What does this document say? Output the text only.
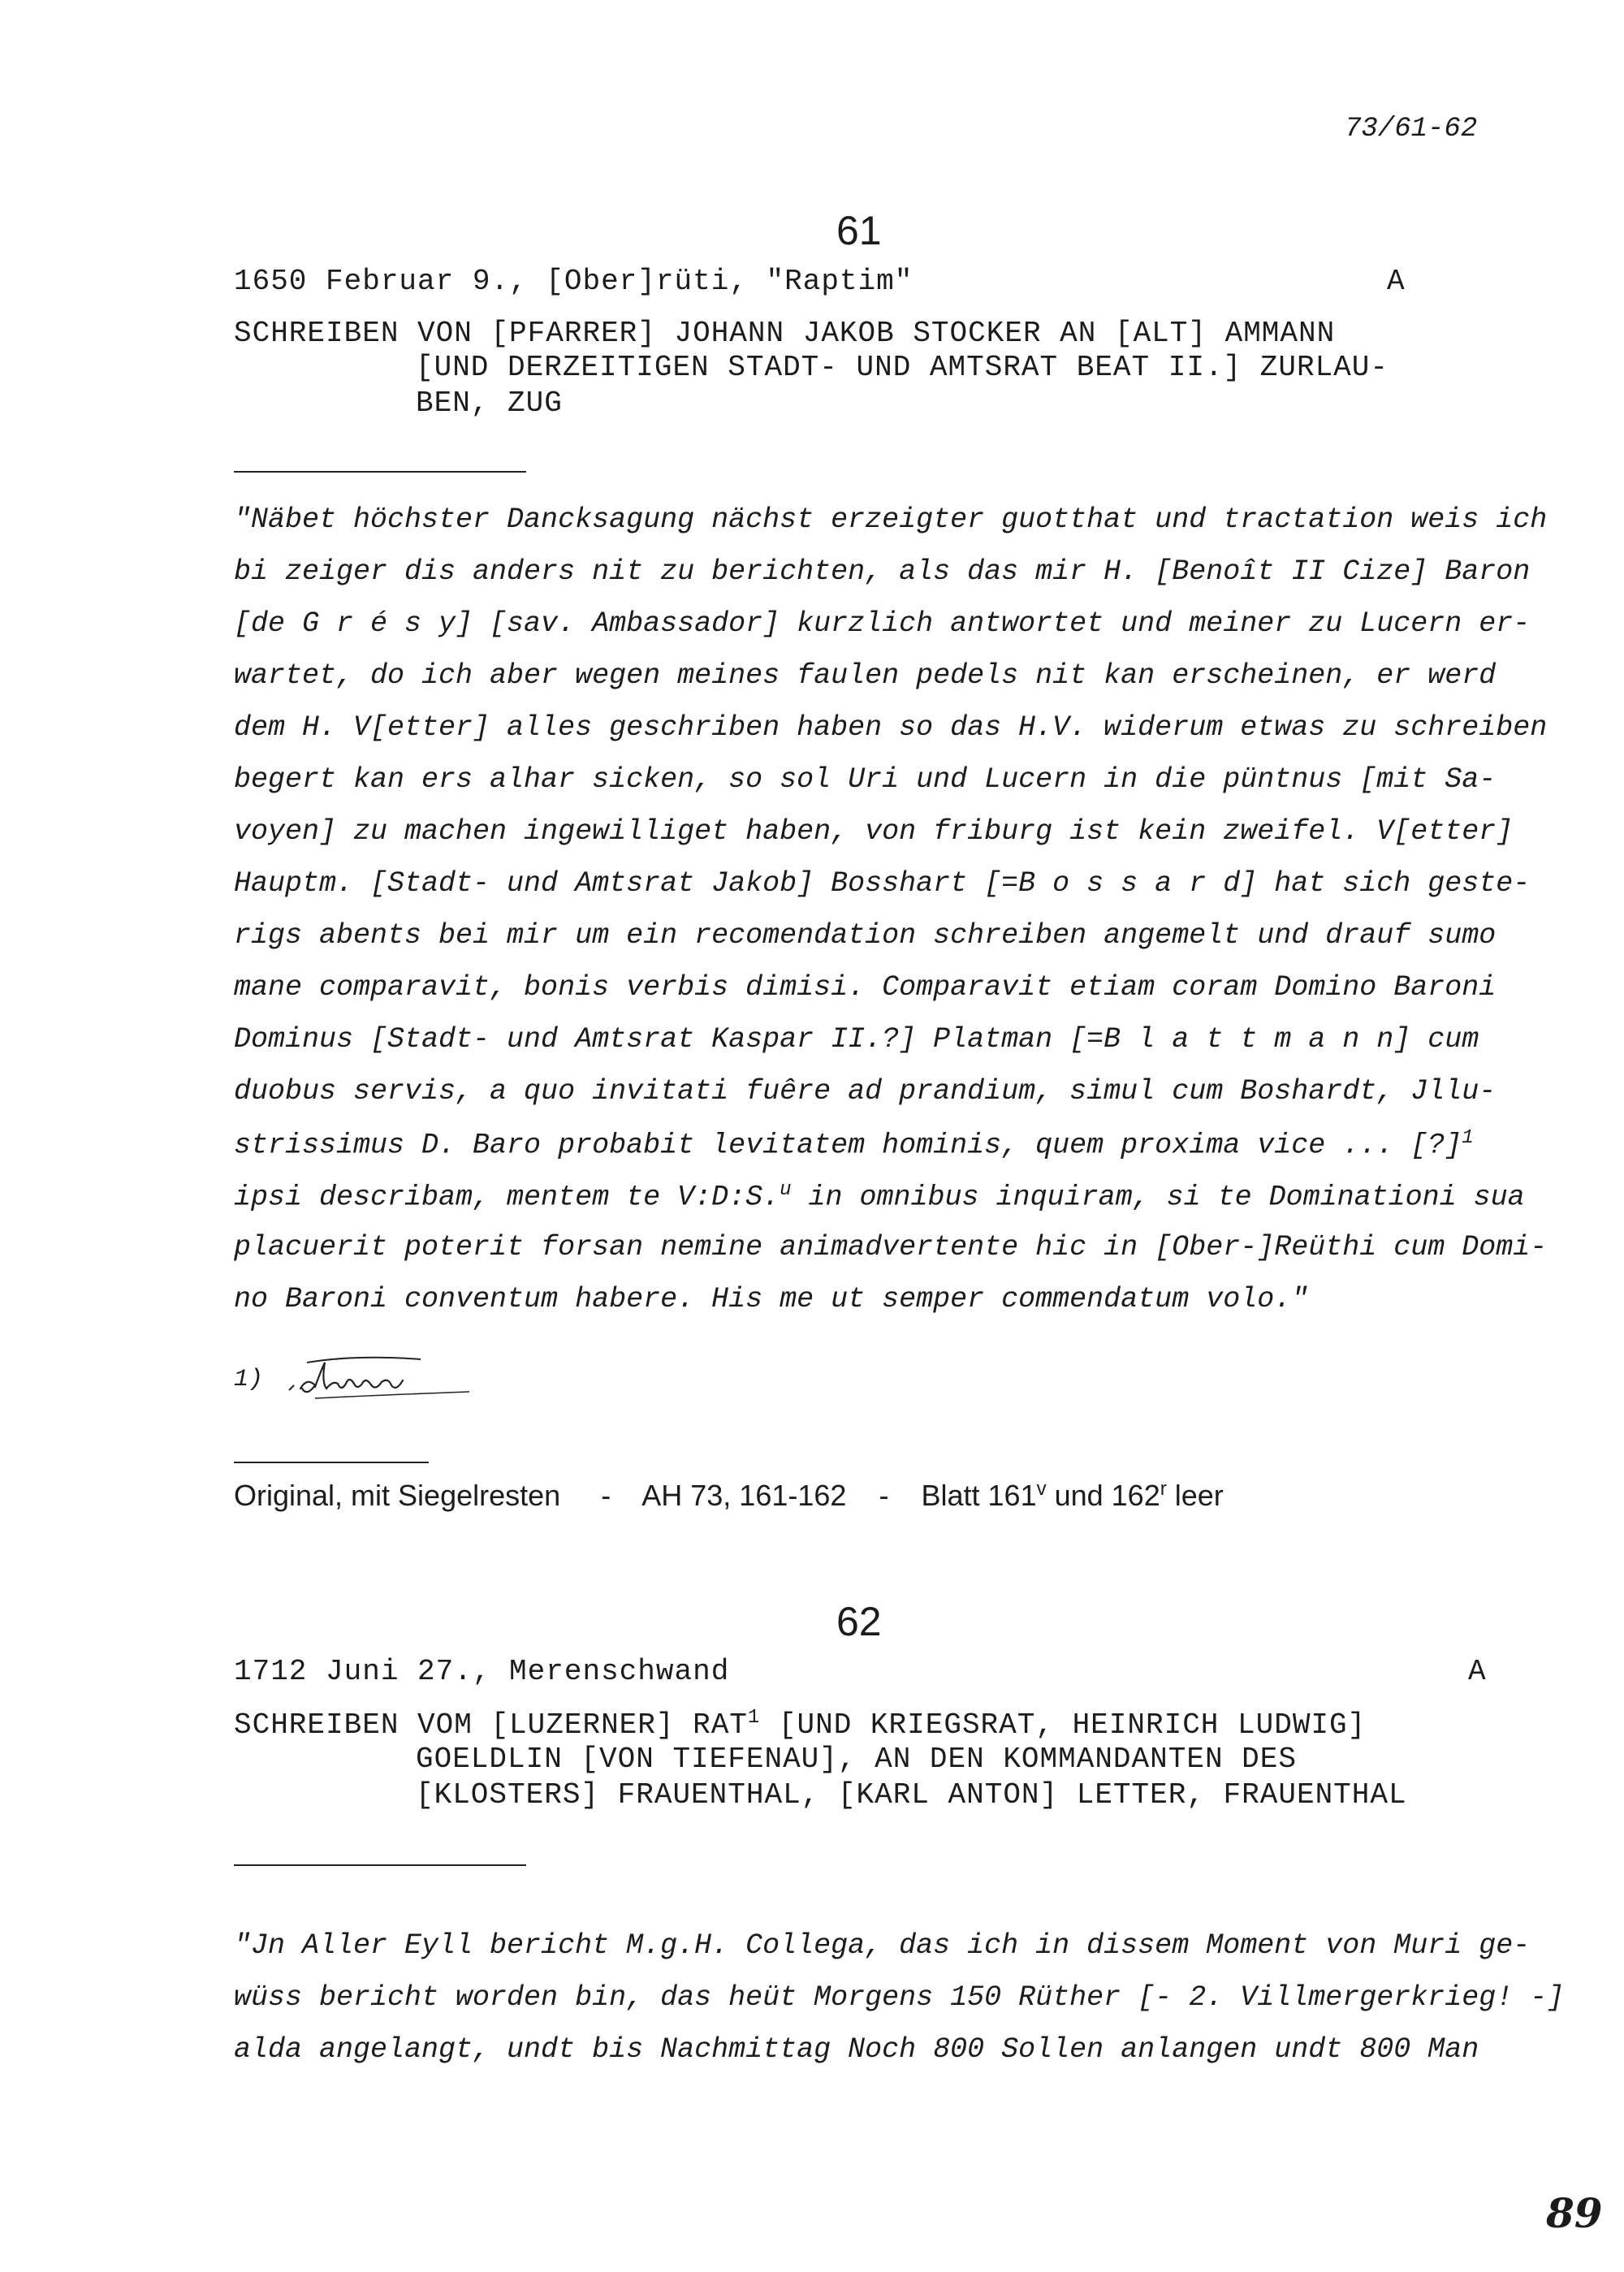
73/61-62
61
1650 Februar 9., [Ober]rüti, "Raptim"	A
SCHREIBEN VON [PFARRER] JOHANN JAKOB STOCKER AN [ALT] AMMANN
[UND DERZEITIGEN STADT- UND AMTSRAT BEAT II.] ZURLAU-
BEN, ZUG
"Näbet höchster Dancksagung nächst erzeigter guotthat und tractation weis ich
bi zeiger dis anders nit zu berichten, als das mir H. [Benoît II Cize] Baron
[de G r é s y] [sav. Ambassador] kurzlich antwortet und meiner zu Lucern er-
wartet, do ich aber wegen meines faulen pedels nit kan erscheinen, er werd
dem H. V[etter] alles geschriben haben so das H.V. widerum etwas zu schreiben
begert kan ers alhar sicken, so sol Uri und Lucern in die püntnus [mit Sa-
voyen] zu machen ingewilliget haben, von friburg ist kein zweifel. V[etter]
Hauptm. [Stadt- und Amtsrat Jakob] Bosshart [=B o s s a r d] hat sich geste-
rigs abents bei mir um ein recomendation schreiben angemelt und drauf sumo
mane comparavit, bonis verbis dimisi. Comparavit etiam coram Domino Baroni
Dominus [Stadt- und Amtsrat Kaspar II.?] Platman [=B l a t t m a n n] cum
duobus servis, a quo invitati fuêre ad prandium, simul cum Boshardt, Jllu-
strissimus D. Baro probabit levitatem hominis, quem proxima vice ... [?]$^1$
ipsi describam, mentem te V:D:S.$^u$ in omnibus inquiram, si te Dominationi sua
placuerit poterit forsan nemine animadvertente hic in [Ober-]Reüthi cum Domi-
no Baroni conventum habere. His me ut semper commendatum volo."
1)
Original, mit Siegelresten - AH 73, 161-162 - Blatt 161$^v$ und 162$^r$ leer
62
1712 Juni 27., Merenschwand	A
SCHREIBEN VOM [LUZERNER] RAT$^1$ [UND KRIEGSRAT, HEINRICH LUDWIG]
GOELDLIN [VON TIEFENAU], AN DEN KOMMANDANTEN DES
[KLOSTERS] FRAUENTHAL, [KARL ANTON] LETTER, FRAUENTHAL
"Jn Aller Eyll bericht M.g.H. Collega, das ich in dissem Moment von Muri ge-
wüss bericht worden bin, das heüt Morgens 150 Rüther [- 2. Villmergerkrieg! -]
alda angelangt, undt bis Nachmittag Noch 800 Sollen anlangen undt 800 Man
89
